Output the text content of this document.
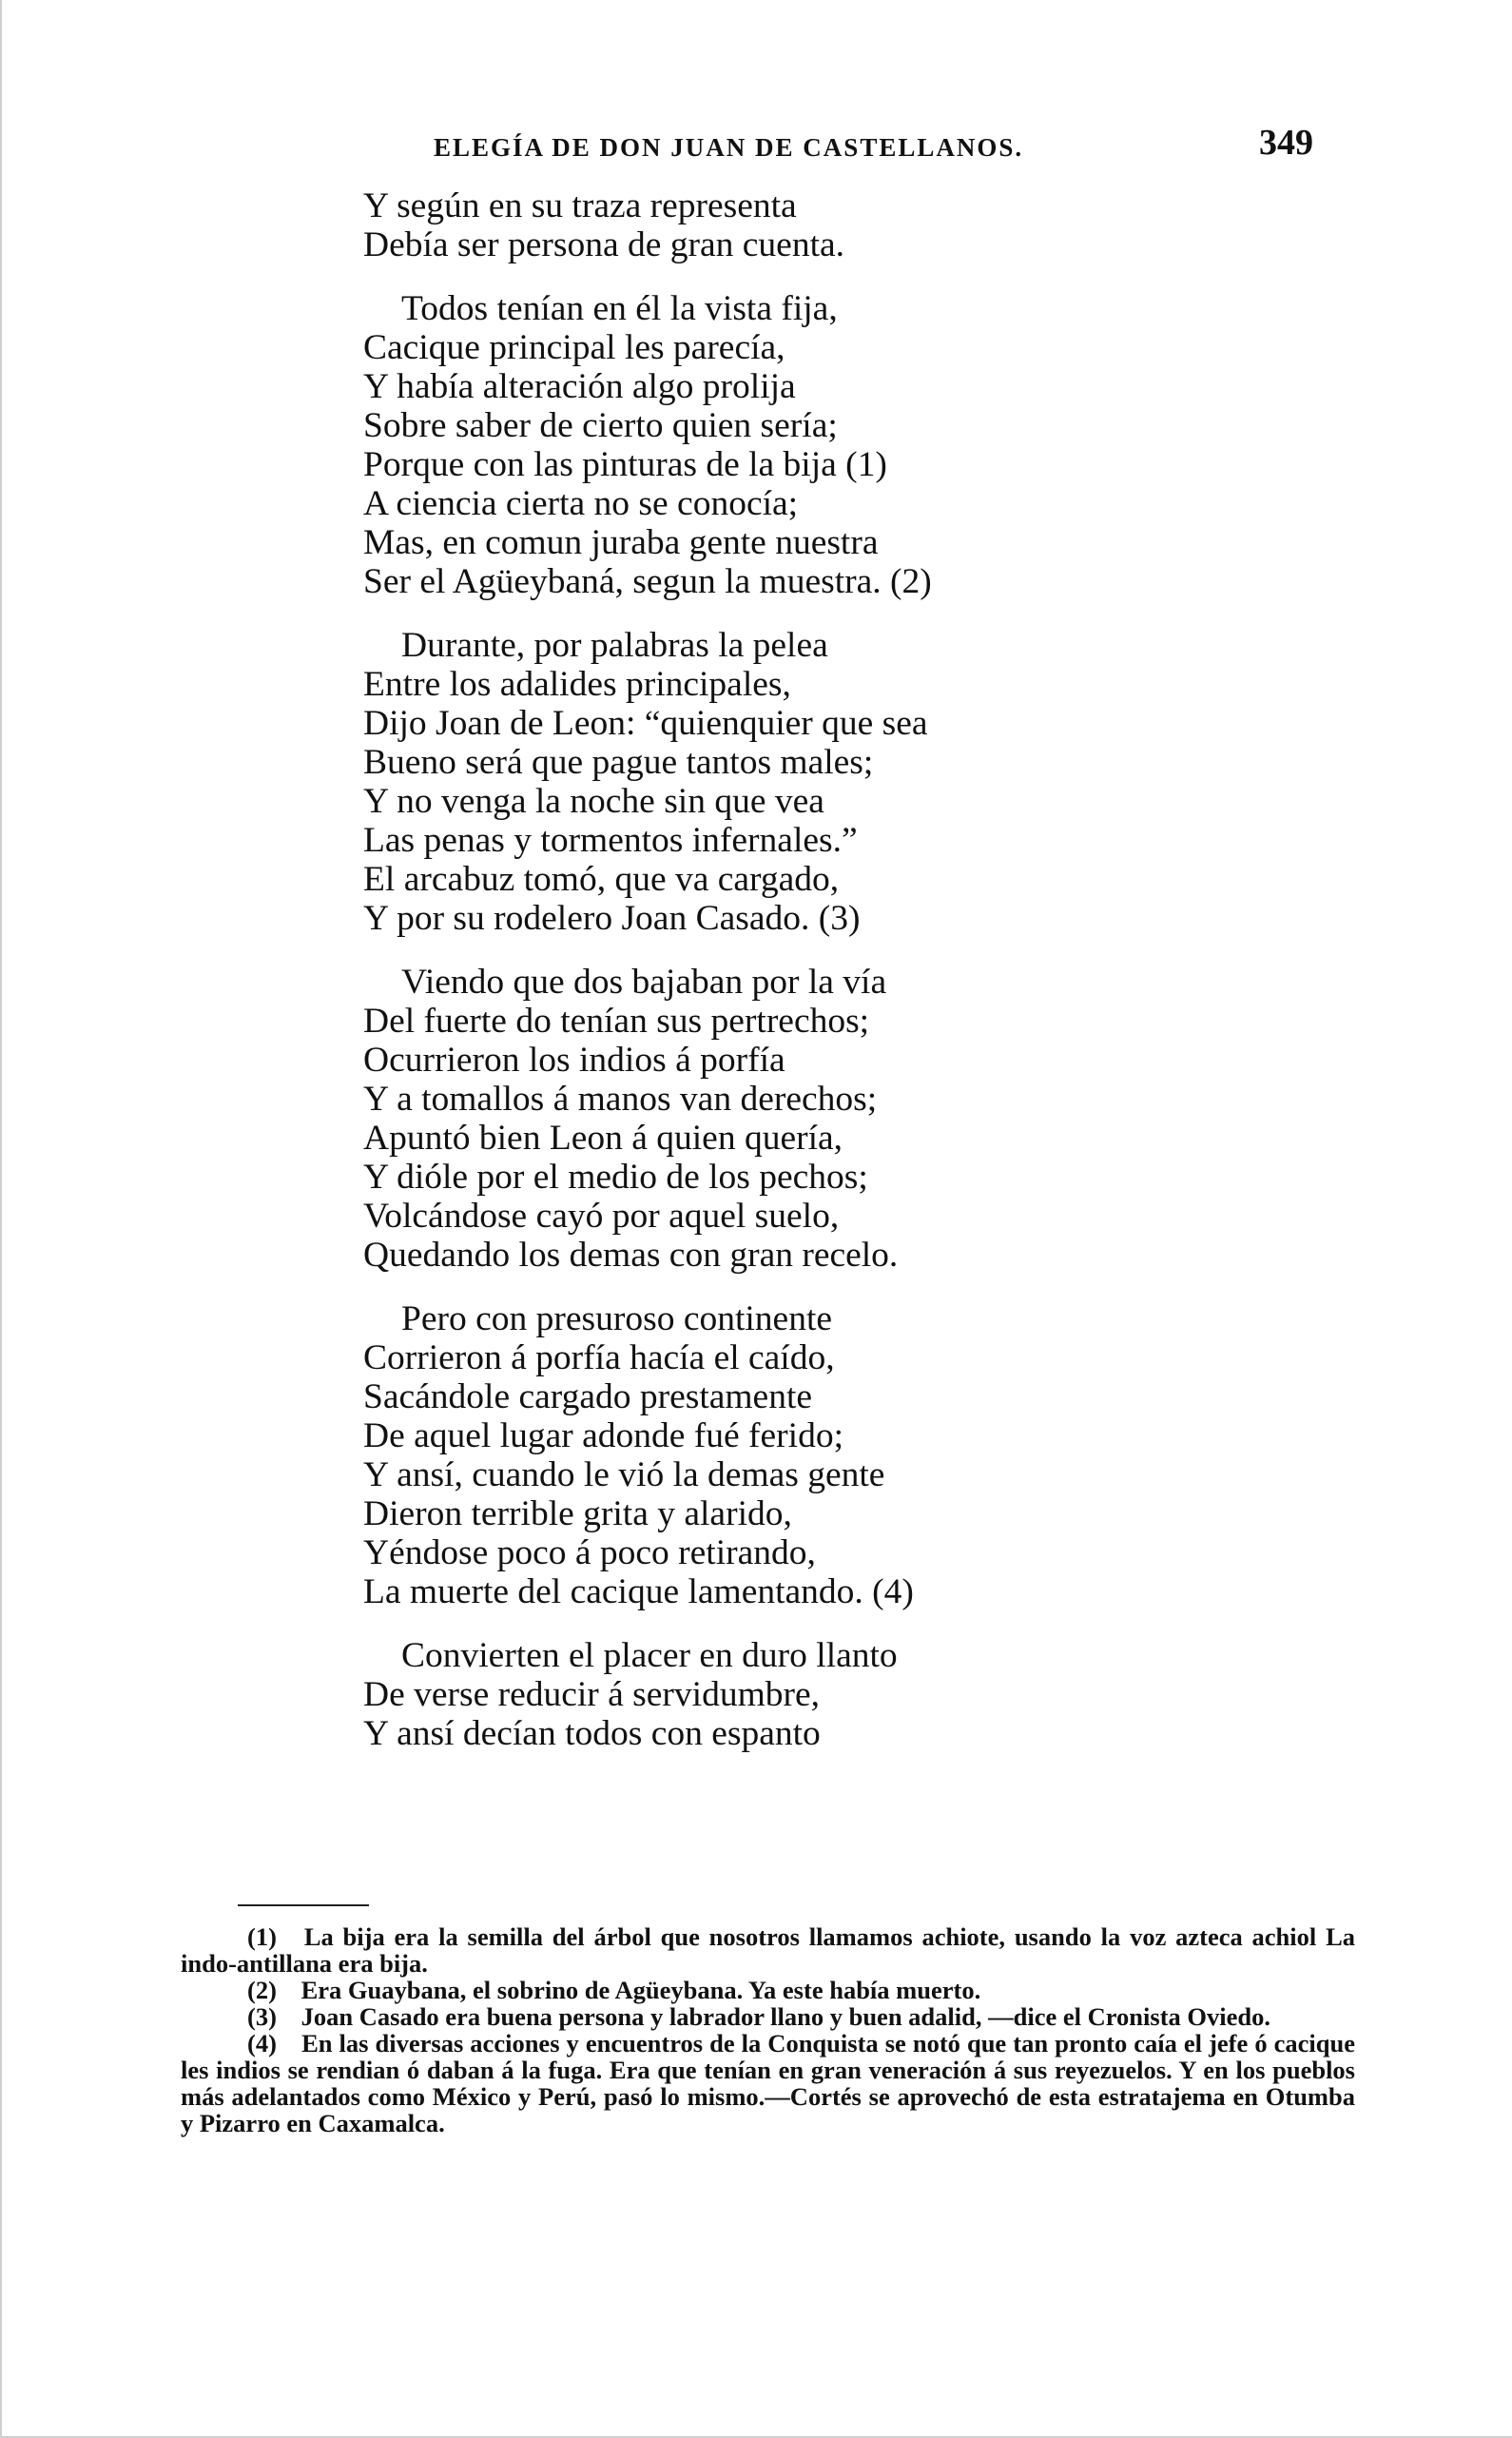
ELEGÍA DE DON JUAN DE CASTELLANOS.	349
Y según en su traza representa
Debía ser persona de gran cuenta.
Todos tenían en él la vista fija,
Cacique principal les parecía,
Y había alteración algo prolija
Sobre saber de cierto quien sería;
Porque con las pinturas de la bija (1)
A ciencia cierta no se conocía;
Mas, en comun juraba gente nuestra
Ser el Agüeybaná, segun la muestra. (2)
Durante, por palabras la pelea
Entre los adalides principales,
Dijo Joan de Leon: “quienquier que sea
Bueno será que pague tantos males;
Y no venga la noche sin que vea
Las penas y tormentos infernales.”
El arcabuz tomó, que va cargado,
Y por su rodelero Joan Casado. (3)
Viendo que dos bajaban por la vía
Del fuerte do tenían sus pertrechos;
Ocurrieron los indios á porfía
Y a tomallos á manos van derechos;
Apuntó bien Leon á quien quería,
Y dióle por el medio de los pechos;
Volcándose cayó por aquel suelo,
Quedando los demas con gran recelo.
Pero con presuroso continente
Corrieron á porfía hacía el caído,
Sacándole cargado prestamente
De aquel lugar adonde fué ferido;
Y ansí, cuando le vió la demas gente
Dieron terrible grita y alarido,
Yéndose poco á poco retirando,
La muerte del cacique lamentando. (4)
Convierten el placer en duro llanto
De verse reducir á servidumbre,
Y ansí decían todos con espanto
(1) La bija era la semilla del árbol que nosotros llamamos achiote, usando la voz azteca achiol La indo-antillana era bija.
(2) Era Guaybana, el sobrino de Agüeybana. Ya este había muerto.
(3) Joan Casado era buena persona y labrador llano y buen adalid, —dice el Cronista Oviedo.
(4) En las diversas acciones y encuentros de la Conquista se notó que tan pronto caía el jefe ó cacique les indios se rendian ó daban á la fuga. Era que tenían en gran veneración á sus reyezuelos. Y en los pueblos más adelantados como México y Perú, pasó lo mismo.—Cortés se aprovechó de esta estratajema en Otumba y Pizarro en Caxamalca.
